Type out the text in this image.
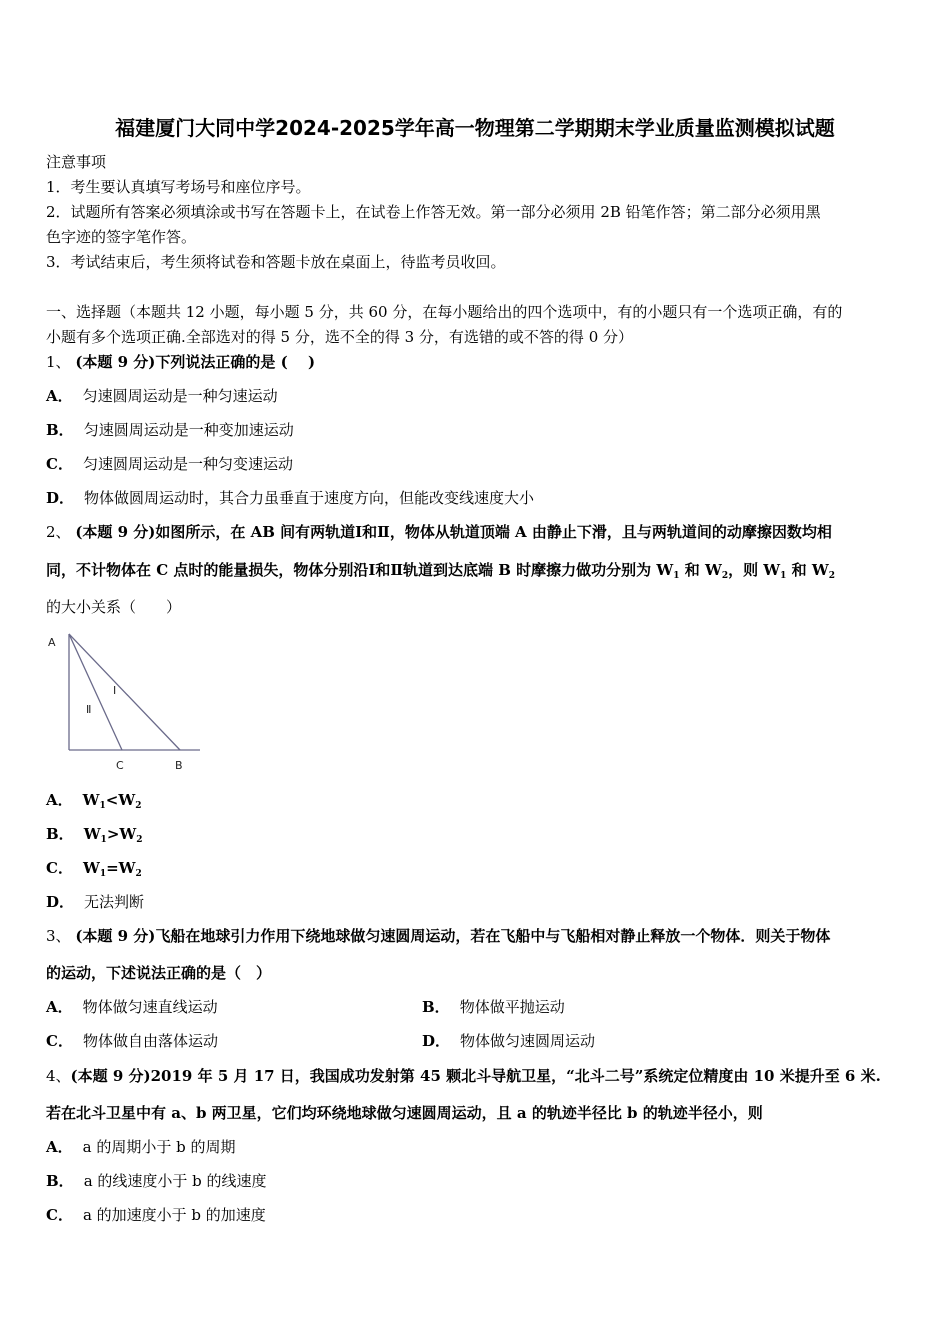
福建厦门大同中学2024-2025学年高一物理第二学期期末学业质量监测模拟试题
注意事项
1．考生要认真填写考场号和座位序号。
2．试题所有答案必须填涂或书写在答题卡上，在试卷上作答无效。第一部分必须用 2B 铅笔作答；第二部分必须用黑
色字迹的签字笔作答。
3．考试结束后，考生须将试卷和答题卡放在桌面上，待监考员收回。
一、选择题（本题共 12 小题，每小题 5 分，共 60 分，在每小题给出的四个选项中，有的小题只有一个选项正确，有的
小题有多个选项正确.全部选对的得 5 分，选不全的得 3 分，有选错的或不答的得 0 分）
1、 (本题 9 分)下列说法正确的是 (　 )
A． 匀速圆周运动是一种匀速运动
B． 匀速圆周运动是一种变加速运动
C． 匀速圆周运动是一种匀变速运动
D． 物体做圆周运动时，其合力虽垂直于速度方向，但能改变线速度大小
2、 (本题 9 分)如图所示，在 AB 间有两轨道Ⅰ和Ⅱ，物体从轨道顶端 A 由静止下滑，且与两轨道间的动摩擦因数均相
同，不计物体在 C 点时的能量损失，物体分别沿Ⅰ和Ⅱ轨道到达底端 B 时摩擦力做功分别为 $W_1$ 和 $W_2$，则 $W_1$ 和 $W_2$
的大小关系（　　）
A
Ⅰ
Ⅱ
C	B
A． $W_1<W_2$
B． $W_1>W_2$
C． $W_1=W_2$
D． 无法判断
3、 (本题 9 分)飞船在地球引力作用下绕地球做匀速圆周运动，若在飞船中与飞船相对静止释放一个物体．则关于物体
的运动，下述说法正确的是（　）
A． 物体做匀速直线运动	B． 物体做平抛运动
C． 物体做自由落体运动	D． 物体做匀速圆周运动
4、(本题 9 分)2019 年 5 月 17 日，我国成功发射第 45 颗北斗导航卫星，“北斗二号”系统定位精度由 10 米提升至 6 米.
若在北斗卫星中有 a、b 两卫星，它们均环绕地球做匀速圆周运动，且 a 的轨迹半径比 b 的轨迹半径小，则
A． a 的周期小于 b 的周期
B． a 的线速度小于 b 的线速度
C． a 的加速度小于 b 的加速度
